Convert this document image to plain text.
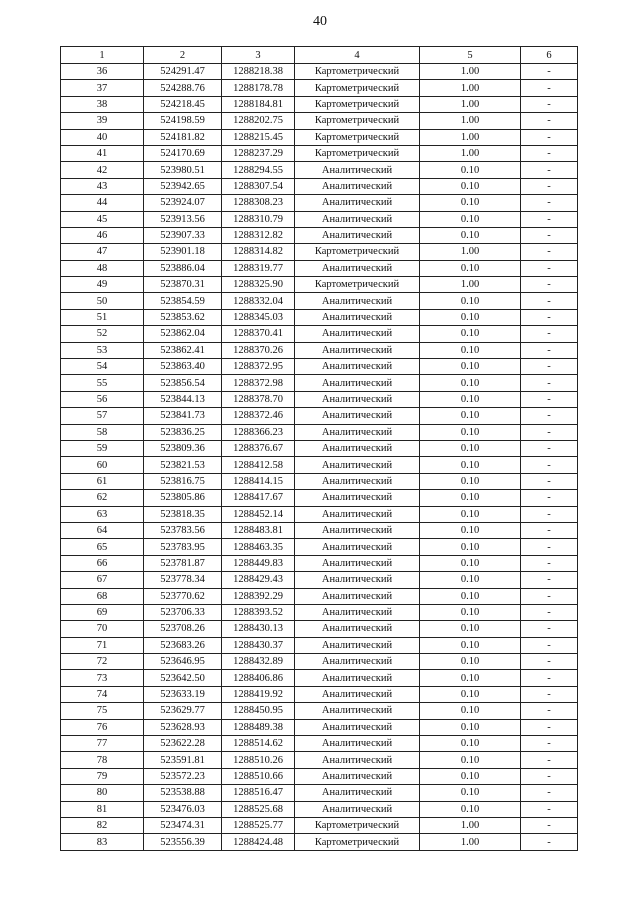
40
1	2	3	4	5	6
36	524291.47	1288218.38	Картометрический	1.00	-
37	524288.76	1288178.78	Картометрический	1.00	-
38	524218.45	1288184.81	Картометрический	1.00	-
39	524198.59	1288202.75	Картометрический	1.00	-
40	524181.82	1288215.45	Картометрический	1.00	-
41	524170.69	1288237.29	Картометрический	1.00	-
42	523980.51	1288294.55	Аналитический	0.10	-
43	523942.65	1288307.54	Аналитический	0.10	-
44	523924.07	1288308.23	Аналитический	0.10	-
45	523913.56	1288310.79	Аналитический	0.10	-
46	523907.33	1288312.82	Аналитический	0.10	-
47	523901.18	1288314.82	Картометрический	1.00	-
48	523886.04	1288319.77	Аналитический	0.10	-
49	523870.31	1288325.90	Картометрический	1.00	-
50	523854.59	1288332.04	Аналитический	0.10	-
51	523853.62	1288345.03	Аналитический	0.10	-
52	523862.04	1288370.41	Аналитический	0.10	-
53	523862.41	1288370.26	Аналитический	0.10	-
54	523863.40	1288372.95	Аналитический	0.10	-
55	523856.54	1288372.98	Аналитический	0.10	-
56	523844.13	1288378.70	Аналитический	0.10	-
57	523841.73	1288372.46	Аналитический	0.10	-
58	523836.25	1288366.23	Аналитический	0.10	-
59	523809.36	1288376.67	Аналитический	0.10	-
60	523821.53	1288412.58	Аналитический	0.10	-
61	523816.75	1288414.15	Аналитический	0.10	-
62	523805.86	1288417.67	Аналитический	0.10	-
63	523818.35	1288452.14	Аналитический	0.10	-
64	523783.56	1288483.81	Аналитический	0.10	-
65	523783.95	1288463.35	Аналитический	0.10	-
66	523781.87	1288449.83	Аналитический	0.10	-
67	523778.34	1288429.43	Аналитический	0.10	-
68	523770.62	1288392.29	Аналитический	0.10	-
69	523706.33	1288393.52	Аналитический	0.10	-
70	523708.26	1288430.13	Аналитический	0.10	-
71	523683.26	1288430.37	Аналитический	0.10	-
72	523646.95	1288432.89	Аналитический	0.10	-
73	523642.50	1288406.86	Аналитический	0.10	-
74	523633.19	1288419.92	Аналитический	0.10	-
75	523629.77	1288450.95	Аналитический	0.10	-
76	523628.93	1288489.38	Аналитический	0.10	-
77	523622.28	1288514.62	Аналитический	0.10	-
78	523591.81	1288510.26	Аналитический	0.10	-
79	523572.23	1288510.66	Аналитический	0.10	-
80	523538.88	1288516.47	Аналитический	0.10	-
81	523476.03	1288525.68	Аналитический	0.10	-
82	523474.31	1288525.77	Картометрический	1.00	-
83	523556.39	1288424.48	Картометрический	1.00	-
